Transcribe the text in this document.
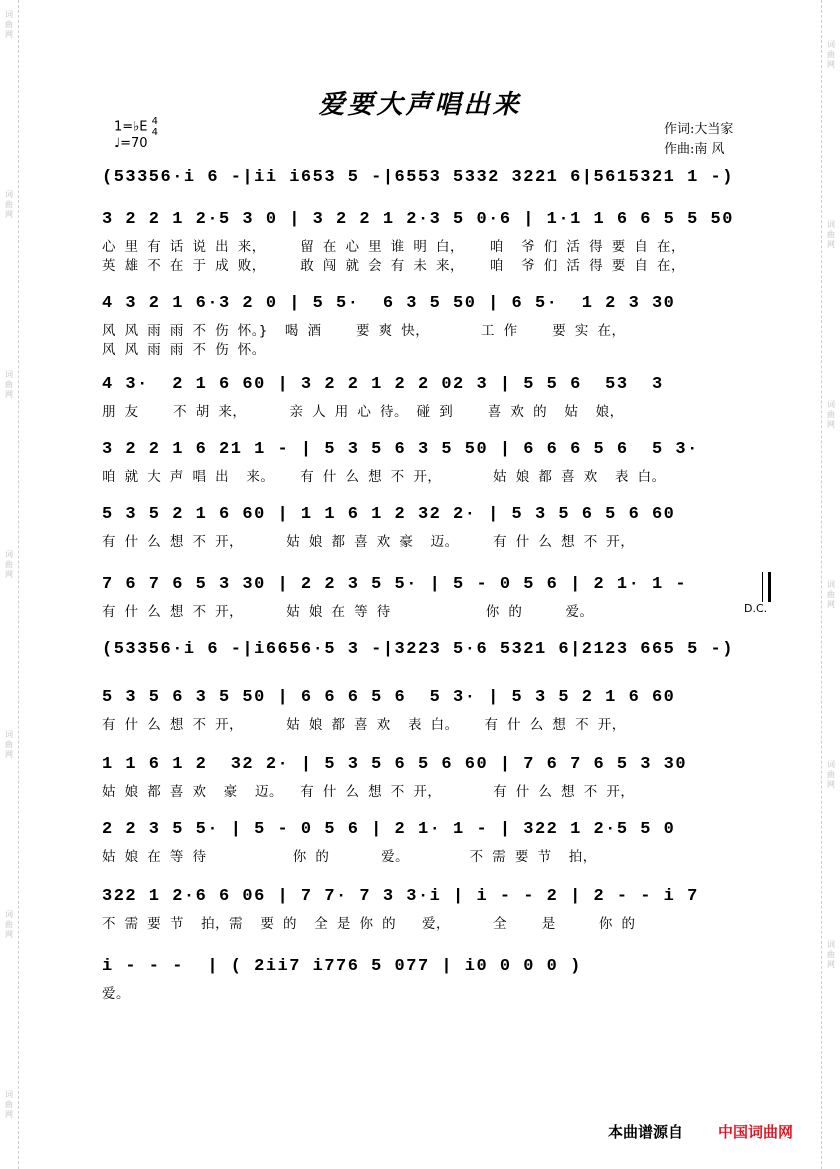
词曲网
词曲网
词曲网
词曲网
词曲网
词曲网
词曲网
词曲网
词曲网
词曲网
词曲网
词曲网
词曲网
爱要大声唱出来
1=♭E 4
4
♩=70
作词:大当家
作曲:南 风
(53356·i 6 -|ii i653 5 -|6553 5332 3221 6|5615321 1 -)
3 2 2 1 2·5 3 0 | 3 2 2 1 2·3 5 0·6 | 1·1 1 6 6 5 5 50
心 里 有 话 说 出 来，    留 在 心 里 谁 明 白，   咱  爷 们 活 得 要 自 在，
英 雄 不 在 于 成 败，    敢 闯 就 会 有 未 来，   咱  爷 们 活 得 要 自 在，
4 3 2 1 6·3 2 0 | 5 5·  6 3 5 50 | 6 5·  1 2 3 30
风 风 雨 雨 不 伤 怀。}  喝 酒    要 爽 快，      工 作    要 实 在，
风 风 雨 雨 不 伤 怀。
4 3·  2 1 6 60 | 3 2 2 1 2 2 02 3 | 5 5 6  53  3
朋 友    不 胡 来，     亲 人 用 心 待。 碰 到    喜 欢 的  姑  娘，
3 2 2 1 6 21 1 - | 5 3 5 6 3 5 50 | 6 6 6 5 6  5 3·
咱 就 大 声 唱 出  来。   有 什 么 想 不 开，      姑 娘 都 喜 欢  表 白。
5 3 5 2 1 6 60 | 1 1 6 1 2 32 2· | 5 3 5 6 5 6 60
有 什 么 想 不 开，     姑 娘 都 喜 欢 豪  迈。    有 什 么 想 不 开，
7 6 7 6 5 3 30 | 2 2 3 5 5· | 5 - 0 5 6 | 2 1· 1 -
有 什 么 想 不 开，     姑 娘 在 等 待           你 的     爱。
(53356·i 6 -|i6656·5 3 -|3223 5·6 5321 6|2123 665 5 -)
5 3 5 6 3 5 50 | 6 6 6 5 6  5 3· | 5 3 5 2 1 6 60
有 什 么 想 不 开，     姑 娘 都 喜 欢  表 白。   有 什 么 想 不 开，
1 1 6 1 2  32 2· | 5 3 5 6 5 6 60 | 7 6 7 6 5 3 30
姑 娘 都 喜 欢  豪  迈。  有 什 么 想 不 开，      有 什 么 想 不 开，
2 2 3 5 5· | 5 - 0 5 6 | 2 1· 1 - | 322 1 2·5 5 0
姑 娘 在 等 待          你 的      爱。       不 需 要 节  拍，
322 1 2·6 6 06 | 7 7· 7 3 3·i | i - - 2 | 2 - - i 7
不 需 要 节  拍，需  要 的  全 是 你 的   爱，     全    是     你 的
i - - -  | ( 2ii7 i776 5 077 | i0 0 0 0 )
爱。
D.C.
本曲谱源自 中国词曲网
